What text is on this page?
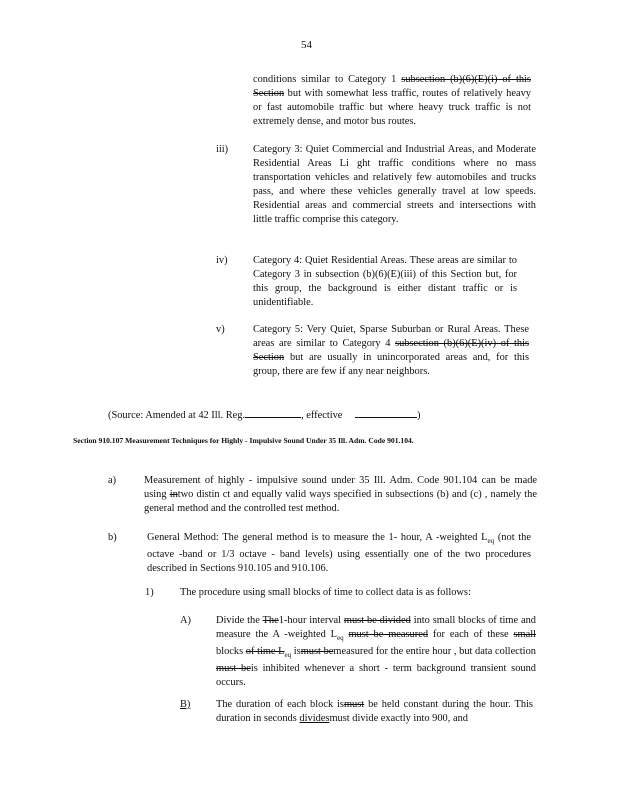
54
conditions similar to Category 1 subsection (b)(6)(E)(i) of this Section but with somewhat less traffic, routes of relatively heavy or fast automobile traffic but where heavy truck traffic is not extremely dense, and motor bus routes.
iii) Category 3: Quiet Commercial and Industrial Areas, and Moderate Residential Areas Li ght traffic conditions where no mass transportation vehicles and relatively few automobiles and trucks pass, and where these vehicles generally travel at low speeds. Residential areas and commercial streets and intersections with little traffic comprise this category.
iv) Category 4: Quiet Residential Areas. These areas are similar to Category 3 in subsection (b)(6)(E)(iii) of this Section but, for this group, the background is either distant traffic or is unidentifiable.
v)	Category 5: Very Quiet, Sparse Suburban or Rural Areas. These areas are similar to Category 4 subsection (b)(6)(E)(iv) of this Section but are usually in unincorporated areas and, for this group, there are few if any near neighbors.
(Source: Amended at 42 Ill. Reg.	, effective	)
Section 910.107 Measurement Techniques for Highly - Impulsive Sound Under 35 Ill. Adm. Code 901.104.
a)	Measurement of highly - impulsive sound under 35 Ill. Adm. Code 901.104 can be made using intwo distin ct and equally valid ways specified in subsections (b) and (c) , namely the general method and the controlled test method.
b)	General Method: The general method is to measure the 1- hour, A -weighted $L_{eq}$ (not the octave -band or 1/3 octave - band levels) using essentially one of the two procedures described in Sections 910.105 and 910.106.
1)	The procedure using small blocks of time to collect data is as follows:
A) Divide the The1-hour interval must be divided into small blocks of time and measure the A -weighted $L_{eq}$ must be measured for each of these small blocks of time $L_{eq}$ ismust bemeasured for the entire hour , but data collection must beis inhibited whenever a short - term background transient sound occurs.
B) The duration of each block ismust be held constant during the hour. This duration in seconds dividesmust divide exactly into 900, and
